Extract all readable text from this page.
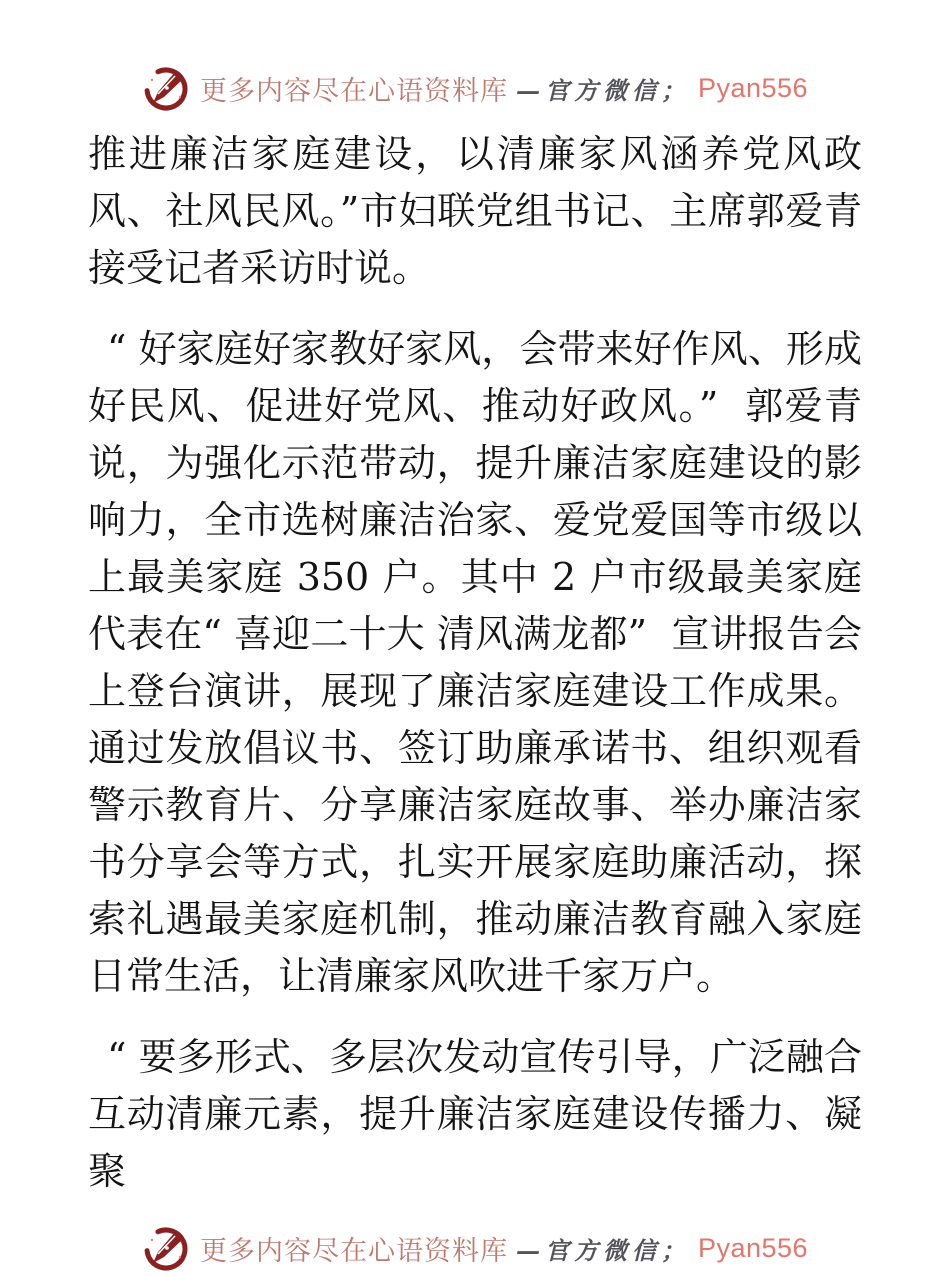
更多内容尽在心语资料库 —官方微信； Pyan556

推进廉洁家庭建设，以清廉家风涵养党风政风、社风民风。”市妇联党组书记、主席郭爱青接受记者采访时说。

“ 好家庭好家教好家风，会带来好作风、形成好民风、促进好党风、推动好政风。”  郭爱青说，为强化示范带动，提升廉洁家庭建设的影响力，全市选树廉洁治家、爱党爱国等市级以上最美家庭 350 户。其中 2 户市级最美家庭代表在“ 喜迎二十大 清风满龙都”  宣讲报告会上登台演讲，展现了廉洁家庭建设工作成果。通过发放倡议书、签订助廉承诺书、组织观看警示教育片、分享廉洁家庭故事、举办廉洁家书分享会等方式，扎实开展家庭助廉活动，探索礼遇最美家庭机制，推动廉洁教育融入家庭日常生活，让清廉家风吹进千家万户。

“ 要多形式、多层次发动宣传引导，广泛融合互动清廉元素，提升廉洁家庭建设传播力、凝聚

更多内容尽在心语资料库 —官方微信； Pyan556
